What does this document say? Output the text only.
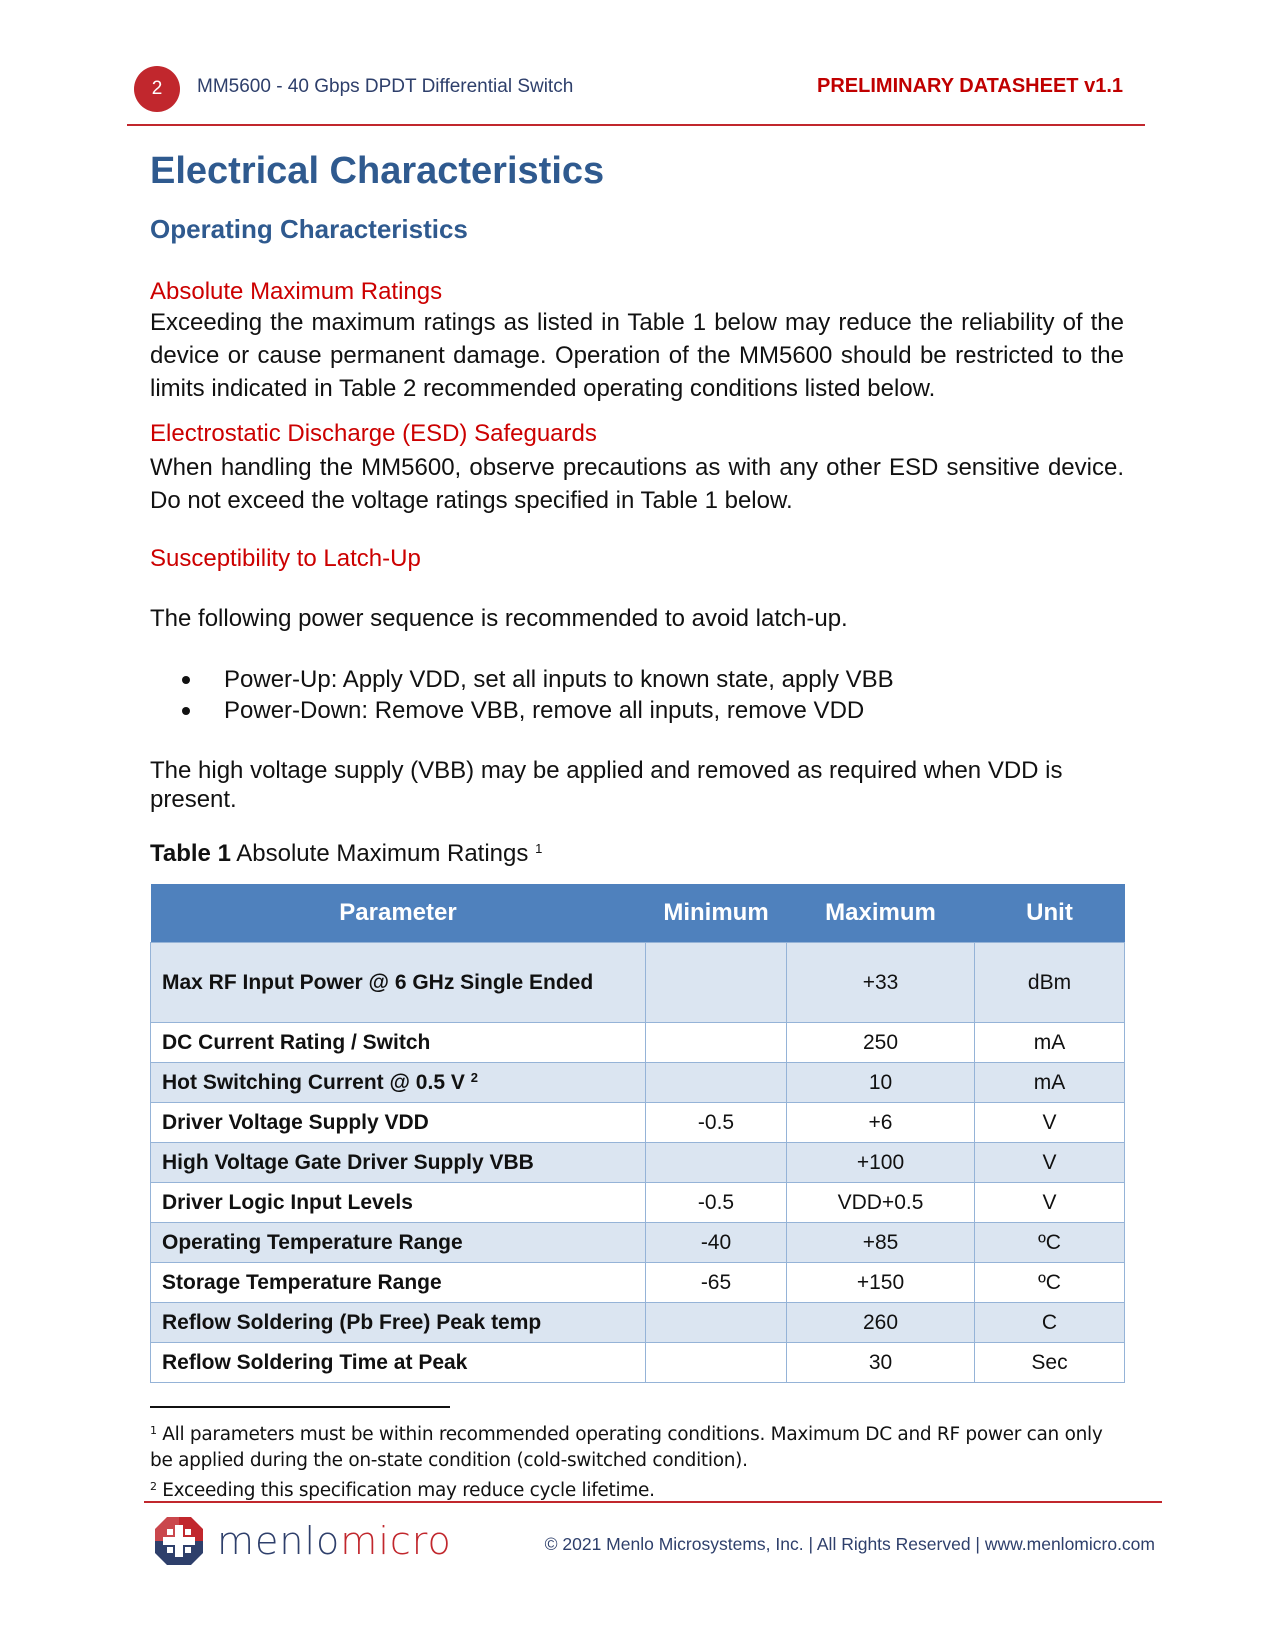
2	MM5600 - 40 Gbps DPDT Differential Switch	PRELIMINARY DATASHEET v1.1
Electrical Characteristics
Operating Characteristics
Absolute Maximum Ratings
Exceeding the maximum ratings as listed in Table 1 below may reduce the reliability of the device or cause permanent damage. Operation of the MM5600 should be restricted to the limits indicated in Table 2 recommended operating conditions listed below.
Electrostatic Discharge (ESD) Safeguards
When handling the MM5600, observe precautions as with any other ESD sensitive device. Do not exceed the voltage ratings specified in Table 1 below.
Susceptibility to Latch-Up
The following power sequence is recommended to avoid latch-up.
Power-Up: Apply VDD, set all inputs to known state, apply VBB
Power-Down: Remove VBB, remove all inputs, remove VDD
The high voltage supply (VBB) may be applied and removed as required when VDD is present.
Table 1 Absolute Maximum Ratings $^1$
Parameter	Minimum	Maximum	Unit
Max RF Input Power @ 6 GHz Single Ended		+33	dBm
DC Current Rating / Switch		250	mA
Hot Switching Current @ 0.5 V $^2$		10	mA
Driver Voltage Supply VDD	-0.5	+6	V
High Voltage Gate Driver Supply VBB		+100	V
Driver Logic Input Levels	-0.5	VDD+0.5	V
Operating Temperature Range	-40	+85	ºC
Storage Temperature Range	-65	+150	ºC
Reflow Soldering (Pb Free) Peak temp		260	C
Reflow Soldering Time at Peak		30	Sec
$^1$ All parameters must be within recommended operating conditions. Maximum DC and RF power can only be applied during the on-state condition (cold-switched condition).
$^2$ Exceeding this specification may reduce cycle lifetime.
menlomicro	© 2021 Menlo Microsystems, Inc. | All Rights Reserved | www.menlomicro.com
